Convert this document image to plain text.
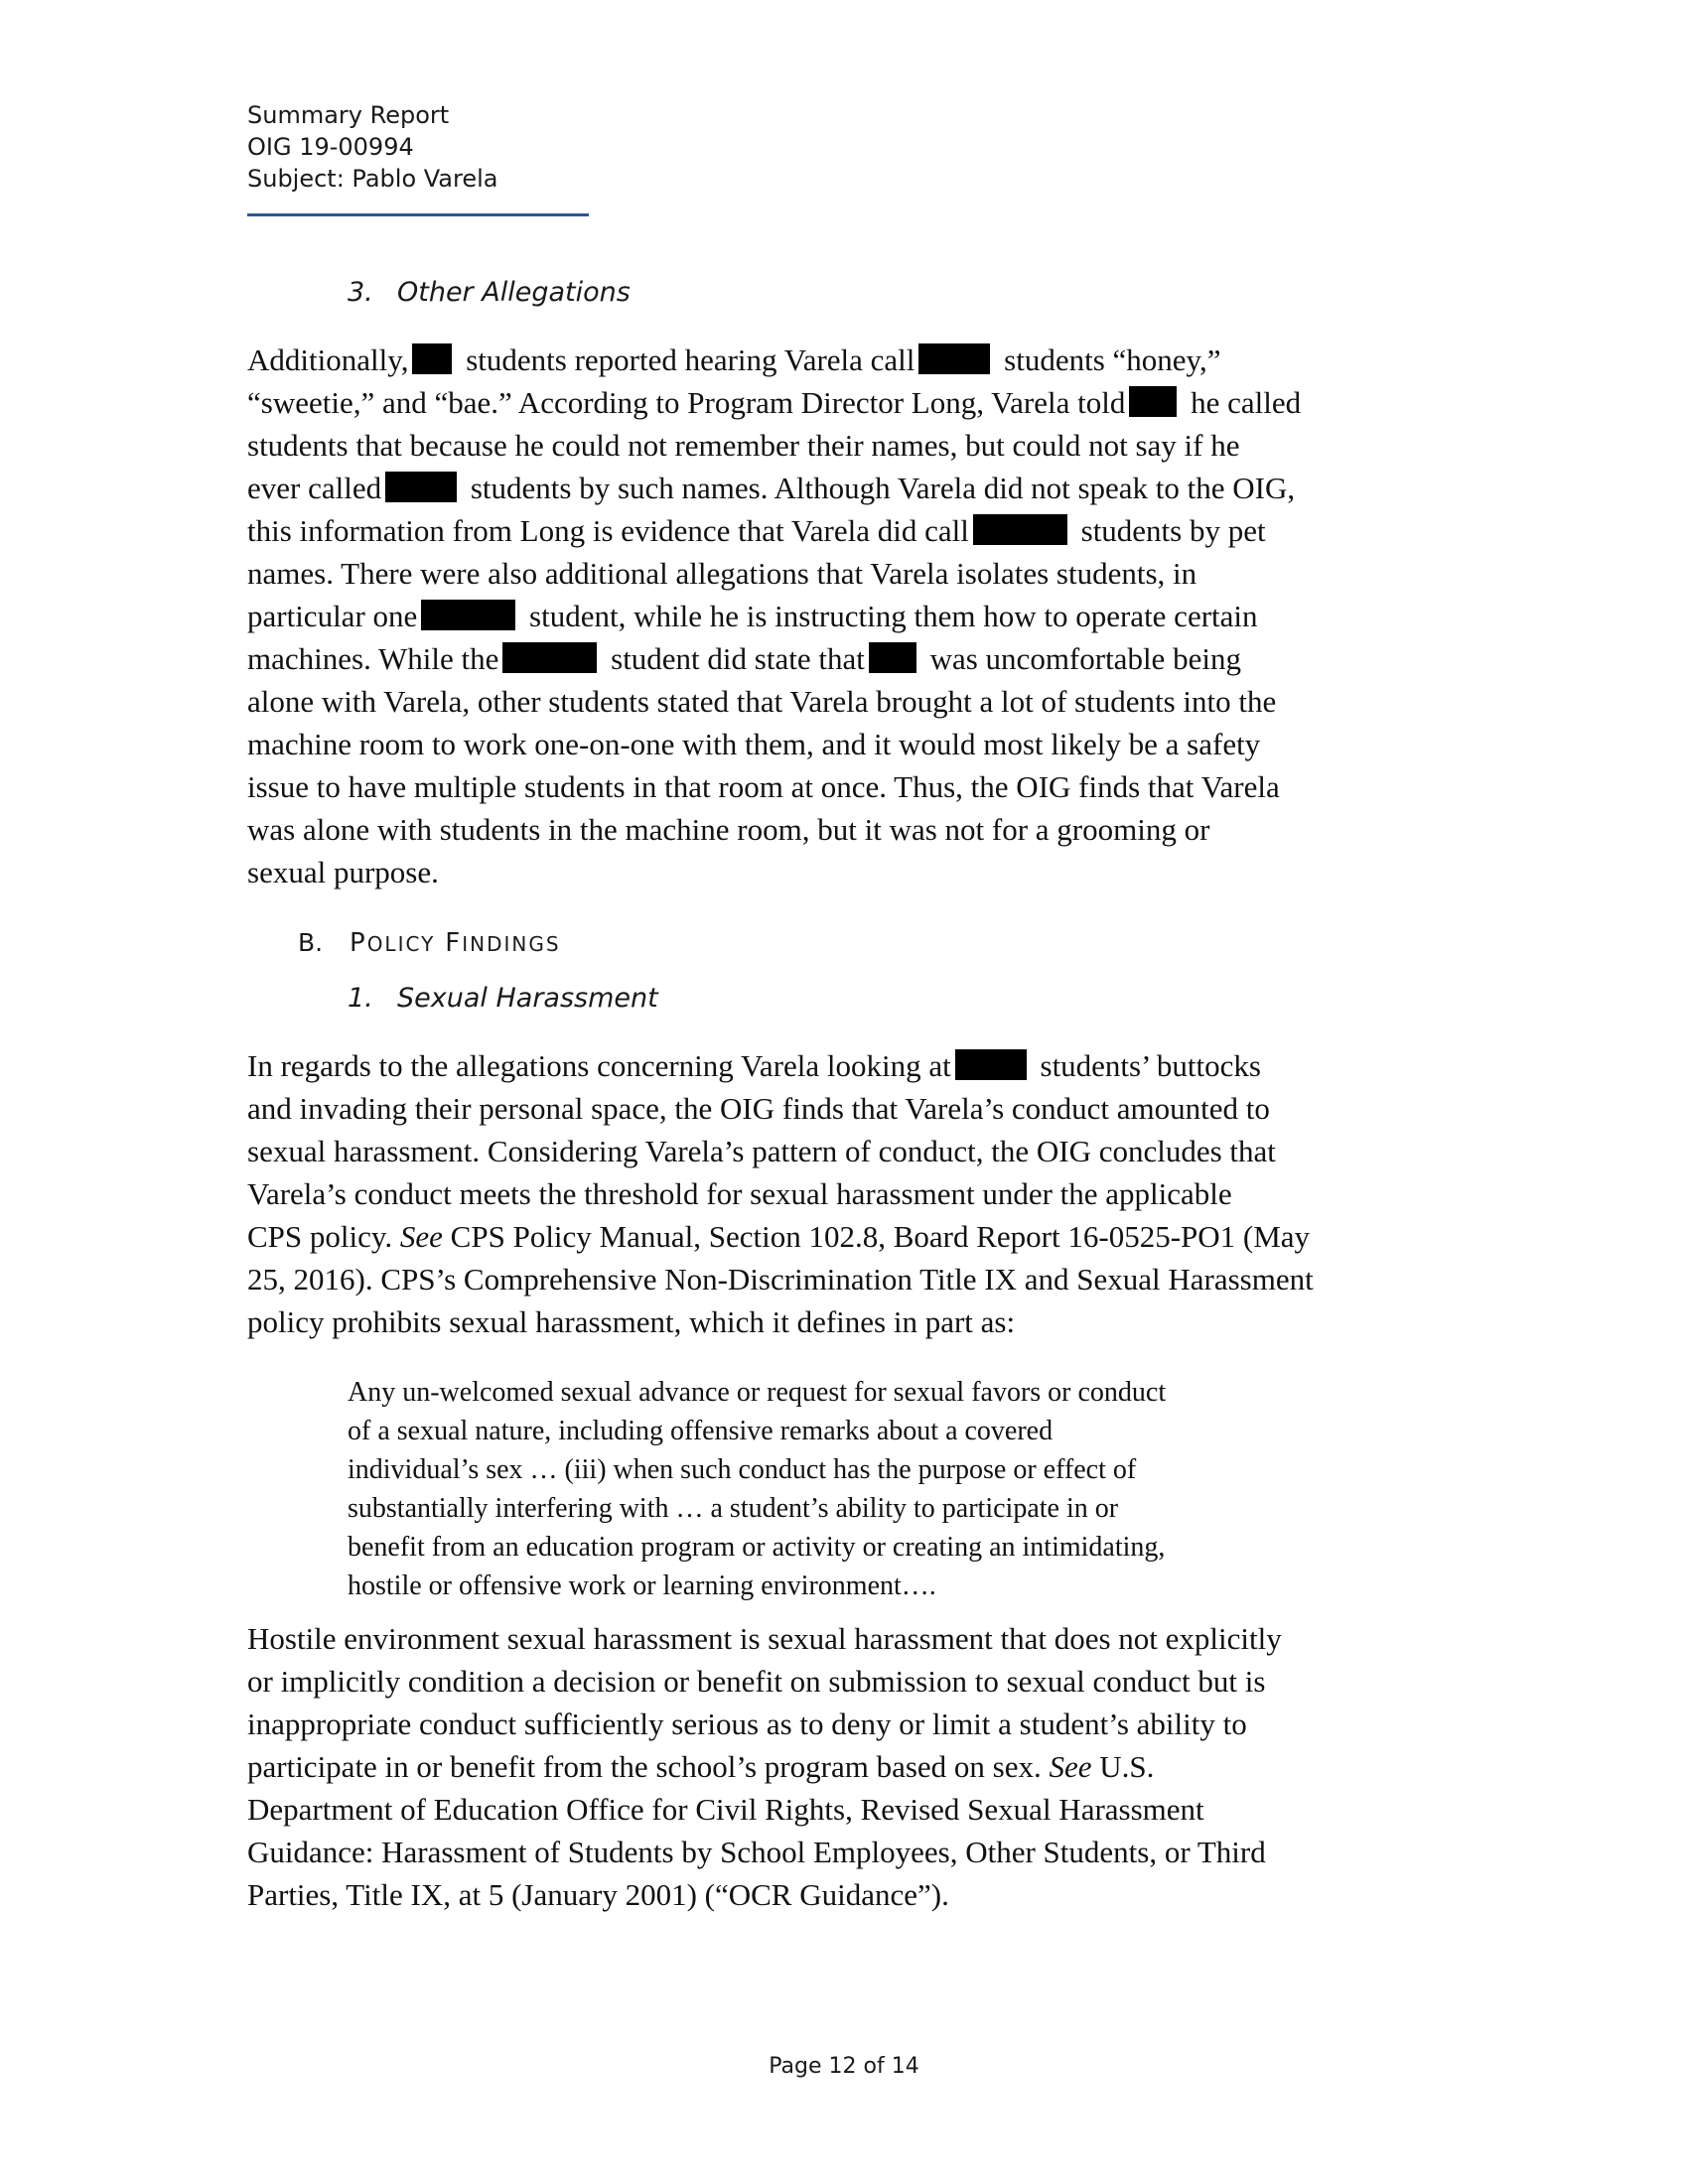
Summary Report
OIG 19-00994
Subject: Pablo Varela
3. Other Allegations
Additionally, students reported hearing Varela call	students “honey,”
“sweetie,” and “bae.” According to Program Director Long, Varela told he called
students that because he could not remember their names, but could not say if he
ever called	students by such names. Although Varela did not speak to the OIG,
this information from Long is evidence that Varela did call	students by pet
names. There were also additional allegations that Varela isolates students, in
particular one	student, while he is instructing them how to operate certain
machines. While the	student did state that was uncomfortable being
alone with Varela, other students stated that Varela brought a lot of students into the
machine room to work one-on-one with them, and it would most likely be a safety
issue to have multiple students in that room at once. Thus, the OIG finds that Varela
was alone with students in the machine room, but it was not for a grooming or
sexual purpose.
B. POLICY FINDINGS
1. Sexual Harassment
In regards to the allegations concerning Varela looking at	students’ buttocks
and invading their personal space, the OIG finds that Varela’s conduct amounted to
sexual harassment. Considering Varela’s pattern of conduct, the OIG concludes that
Varela’s conduct meets the threshold for sexual harassment under the applicable
CPS policy. See CPS Policy Manual, Section 102.8, Board Report 16-0525-PO1 (May
25, 2016). CPS’s Comprehensive Non-Discrimination Title IX and Sexual Harassment
policy prohibits sexual harassment, which it defines in part as:
Any un-welcomed sexual advance or request for sexual favors or conduct
of a sexual nature, including offensive remarks about a covered
individual’s sex … (iii) when such conduct has the purpose or effect of
substantially interfering with … a student’s ability to participate in or
benefit from an education program or activity or creating an intimidating,
hostile or offensive work or learning environment….
Hostile environment sexual harassment is sexual harassment that does not explicitly
or implicitly condition a decision or benefit on submission to sexual conduct but is
inappropriate conduct sufficiently serious as to deny or limit a student’s ability to
participate in or benefit from the school’s program based on sex. See U.S.
Department of Education Office for Civil Rights, Revised Sexual Harassment
Guidance: Harassment of Students by School Employees, Other Students, or Third
Parties, Title IX, at 5 (January 2001) (“OCR Guidance”).
Page 12 of 14
